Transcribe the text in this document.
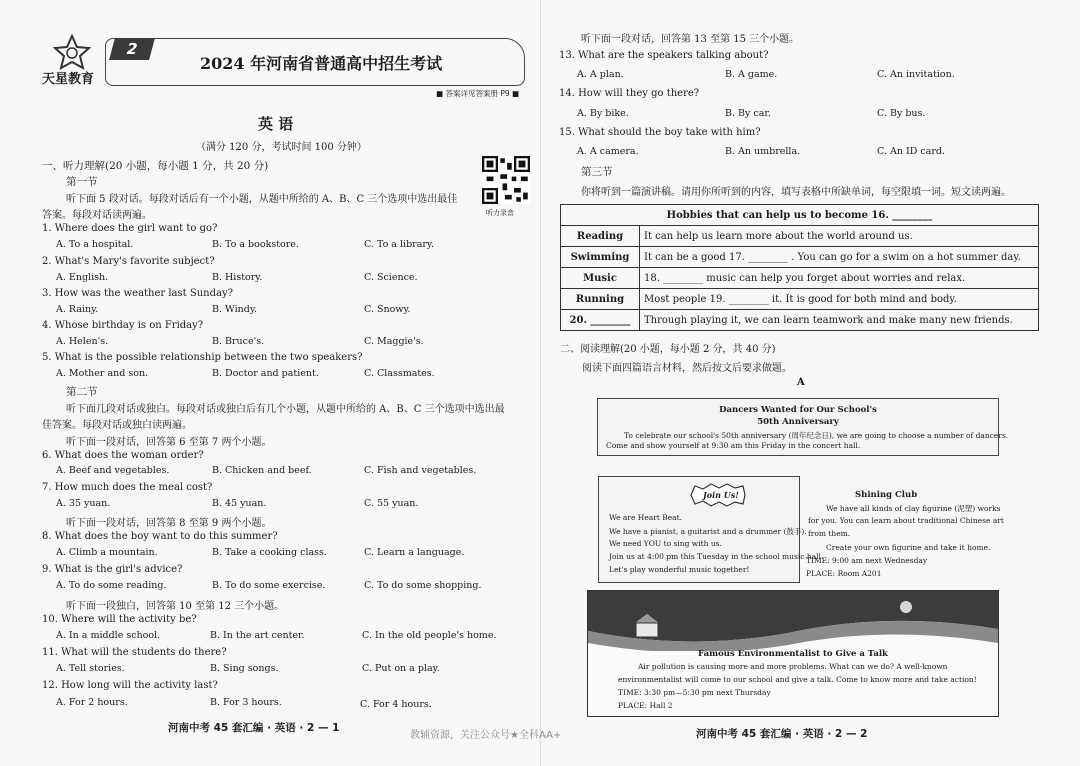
天星教育
2
2024 年河南省普通高中招生考试
■ 答案详见答案册 P9 ■
英 语
（满分 120 分，考试时间 100 分钟）
听力录音
一、听力理解(20 小题，每小题 1 分，共 20 分)
第一节
听下面 5 段对话。每段对话后有一个小题，从题中所给的 A、B、C 三个选项中选出最佳
答案。每段对话读两遍。
1. Where does the girl want to go?
A. To a hospital.	B. To a bookstore.	C. To a library.
2. What's Mary's favorite subject?
A. English.	B. History.	C. Science.
3. How was the weather last Sunday?
A. Rainy.	B. Windy.	C. Snowy.
4. Whose birthday is on Friday?
A. Helen's.	B. Bruce's.	C. Maggie's.
5. What is the possible relationship between the two speakers?
A. Mother and son.	B. Doctor and patient.	C. Classmates.
第二节
听下面几段对话或独白。每段对话或独白后有几个小题，从题中所给的 A、B、C 三个选项中选出最
佳答案。每段对话或独白读两遍。
听下面一段对话，回答第 6 至第 7 两个小题。
6. What does the woman order?
A. Beef and vegetables.	B. Chicken and beef.	C. Fish and vegetables.
7. How much does the meal cost?
A. 35 yuan.	B. 45 yuan.	C. 55 yuan.
听下面一段对话，回答第 8 至第 9 两个小题。
8. What does the boy want to do this summer?
A. Climb a mountain.	B. Take a cooking class.	C. Learn a language.
9. What is the girl's advice?
A. To do some reading.	B. To do some exercise.	C. To do some shopping.
听下面一段独白，回答第 10 至第 12 三个小题。
10. Where will the activity be?
A. In a middle school.	B. In the art center.	C. In the old people's home.
11. What will the students do there?
A. Tell stories.	B. Sing songs.	C. Put on a play.
12. How long will the activity last?
A. For 2 hours.	B. For 3 hours.	C. For 4 hours.
河南中考 45 套汇编 · 英语 · 2 — 1
听下面一段对话，回答第 13 至第 15 三个小题。
13. What are the speakers talking about?
A. A plan.	B. A game.	C. An invitation.
14. How will they go there?
A. By bike.	B. By car.	C. By bus.
15. What should the boy take with him?
A. A camera.	B. An umbrella.	C. An ID card.
第三节
你将听到一篇演讲稿。请用你所听到的内容，填写表格中所缺单词，每空限填一词。短文读两遍。
Hobbies that can help us to become 16. ________	
Reading	It can help us learn more about the world around us.
Swimming	It can be a good 17. ________ . You can go for a swim on a hot summer day.
Music	18. ________ music can help you forget about worries and relax.
Running	Most people 19. ________ it. It is good for both mind and body.
20. ________	Through playing it, we can learn teamwork and make many new friends.
二、阅读理解(20 小题，每小题 2 分，共 40 分)
阅读下面四篇语言材料，然后按文后要求做题。
A
Dancers Wanted for Our School's
50th Anniversary
To celebrate our school's 50th anniversary (周年纪念日), we are going to choose a number of dancers.
Come and show yourself at 9:30 am this Friday in the concert hall.
Join Us!
We are Heart Beat.
We have a pianist, a guitarist and a drummer (鼓手).
We need YOU to sing with us.
Join us at 4:00 pm this Tuesday in the school music hall.
Let's play wonderful music together!
Shining Club
We have all kinds of clay figurine (泥塑) works
for you. You can learn about traditional Chinese art
from them.
Create your own figurine and take it home.
TIME: 9:00 am next Wednesday
PLACE: Room A201
Famous Environmentalist to Give a Talk
Air pollution is causing more and more problems. What can we do? A well-known
environmentalist will come to our school and give a talk. Come to know more and take action!
TIME: 3:30 pm—5:30 pm next Thursday
PLACE: Hall 2
河南中考 45 套汇编 · 英语 · 2 — 2
教辅资源，关注公众号★全科AA+
